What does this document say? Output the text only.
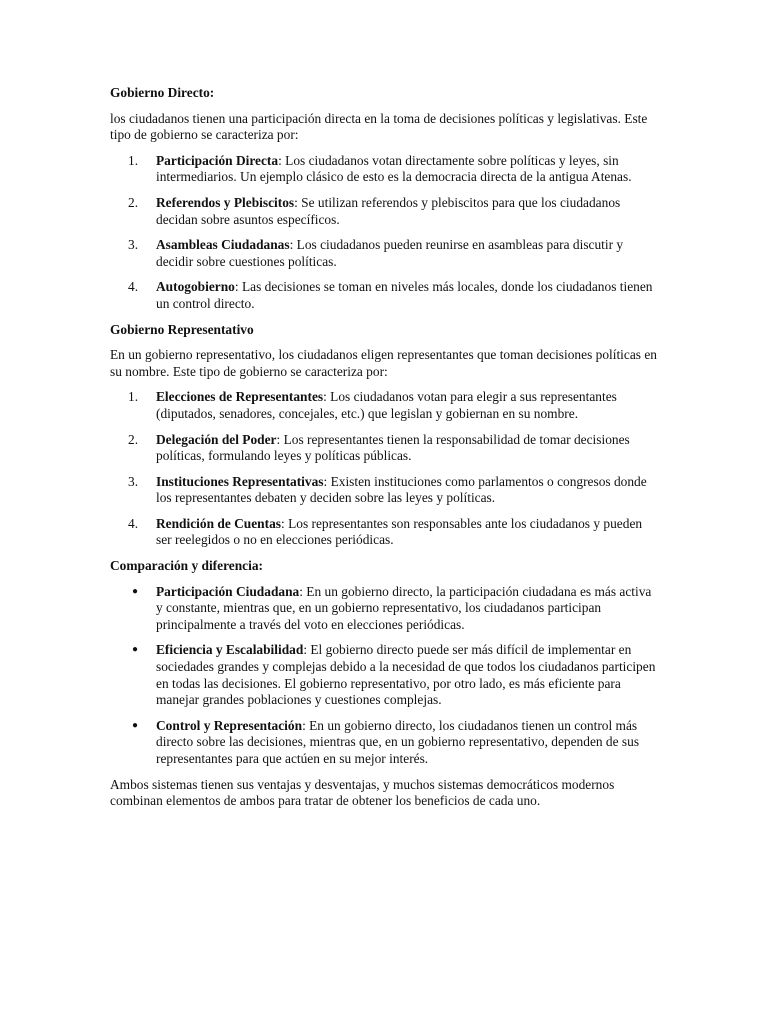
Gobierno Directo:

los ciudadanos tienen una participación directa en la toma de decisiones políticas y legislativas. Este tipo de gobierno se caracteriza por:

1.	Participación Directa: Los ciudadanos votan directamente sobre políticas y leyes, sin intermediarios. Un ejemplo clásico de esto es la democracia directa de la antigua Atenas.
2.	Referendos y Plebiscitos: Se utilizan referendos y plebiscitos para que los ciudadanos decidan sobre asuntos específicos.
3.	Asambleas Ciudadanas: Los ciudadanos pueden reunirse en asambleas para discutir y decidir sobre cuestiones políticas.
4.	Autogobierno: Las decisiones se toman en niveles más locales, donde los ciudadanos tienen un control directo.

Gobierno Representativo

En un gobierno representativo, los ciudadanos eligen representantes que toman decisiones políticas en su nombre. Este tipo de gobierno se caracteriza por:

1.	Elecciones de Representantes: Los ciudadanos votan para elegir a sus representantes (diputados, senadores, concejales, etc.) que legislan y gobiernan en su nombre.
2.	Delegación del Poder: Los representantes tienen la responsabilidad de tomar decisiones políticas, formulando leyes y políticas públicas.
3.	Instituciones Representativas: Existen instituciones como parlamentos o congresos donde los representantes debaten y deciden sobre las leyes y políticas.
4.	Rendición de Cuentas: Los representantes son responsables ante los ciudadanos y pueden ser reelegidos o no en elecciones periódicas.

Comparación y diferencia:

● Participación Ciudadana: En un gobierno directo, la participación ciudadana es más activa y constante, mientras que, en un gobierno representativo, los ciudadanos participan principalmente a través del voto en elecciones periódicas.
● Eficiencia y Escalabilidad: El gobierno directo puede ser más difícil de implementar en sociedades grandes y complejas debido a la necesidad de que todos los ciudadanos participen en todas las decisiones. El gobierno representativo, por otro lado, es más eficiente para manejar grandes poblaciones y cuestiones complejas.
● Control y Representación: En un gobierno directo, los ciudadanos tienen un control más directo sobre las decisiones, mientras que, en un gobierno representativo, dependen de sus representantes para que actúen en su mejor interés.

Ambos sistemas tienen sus ventajas y desventajas, y muchos sistemas democráticos modernos combinan elementos de ambos para tratar de obtener los beneficios de cada uno.
